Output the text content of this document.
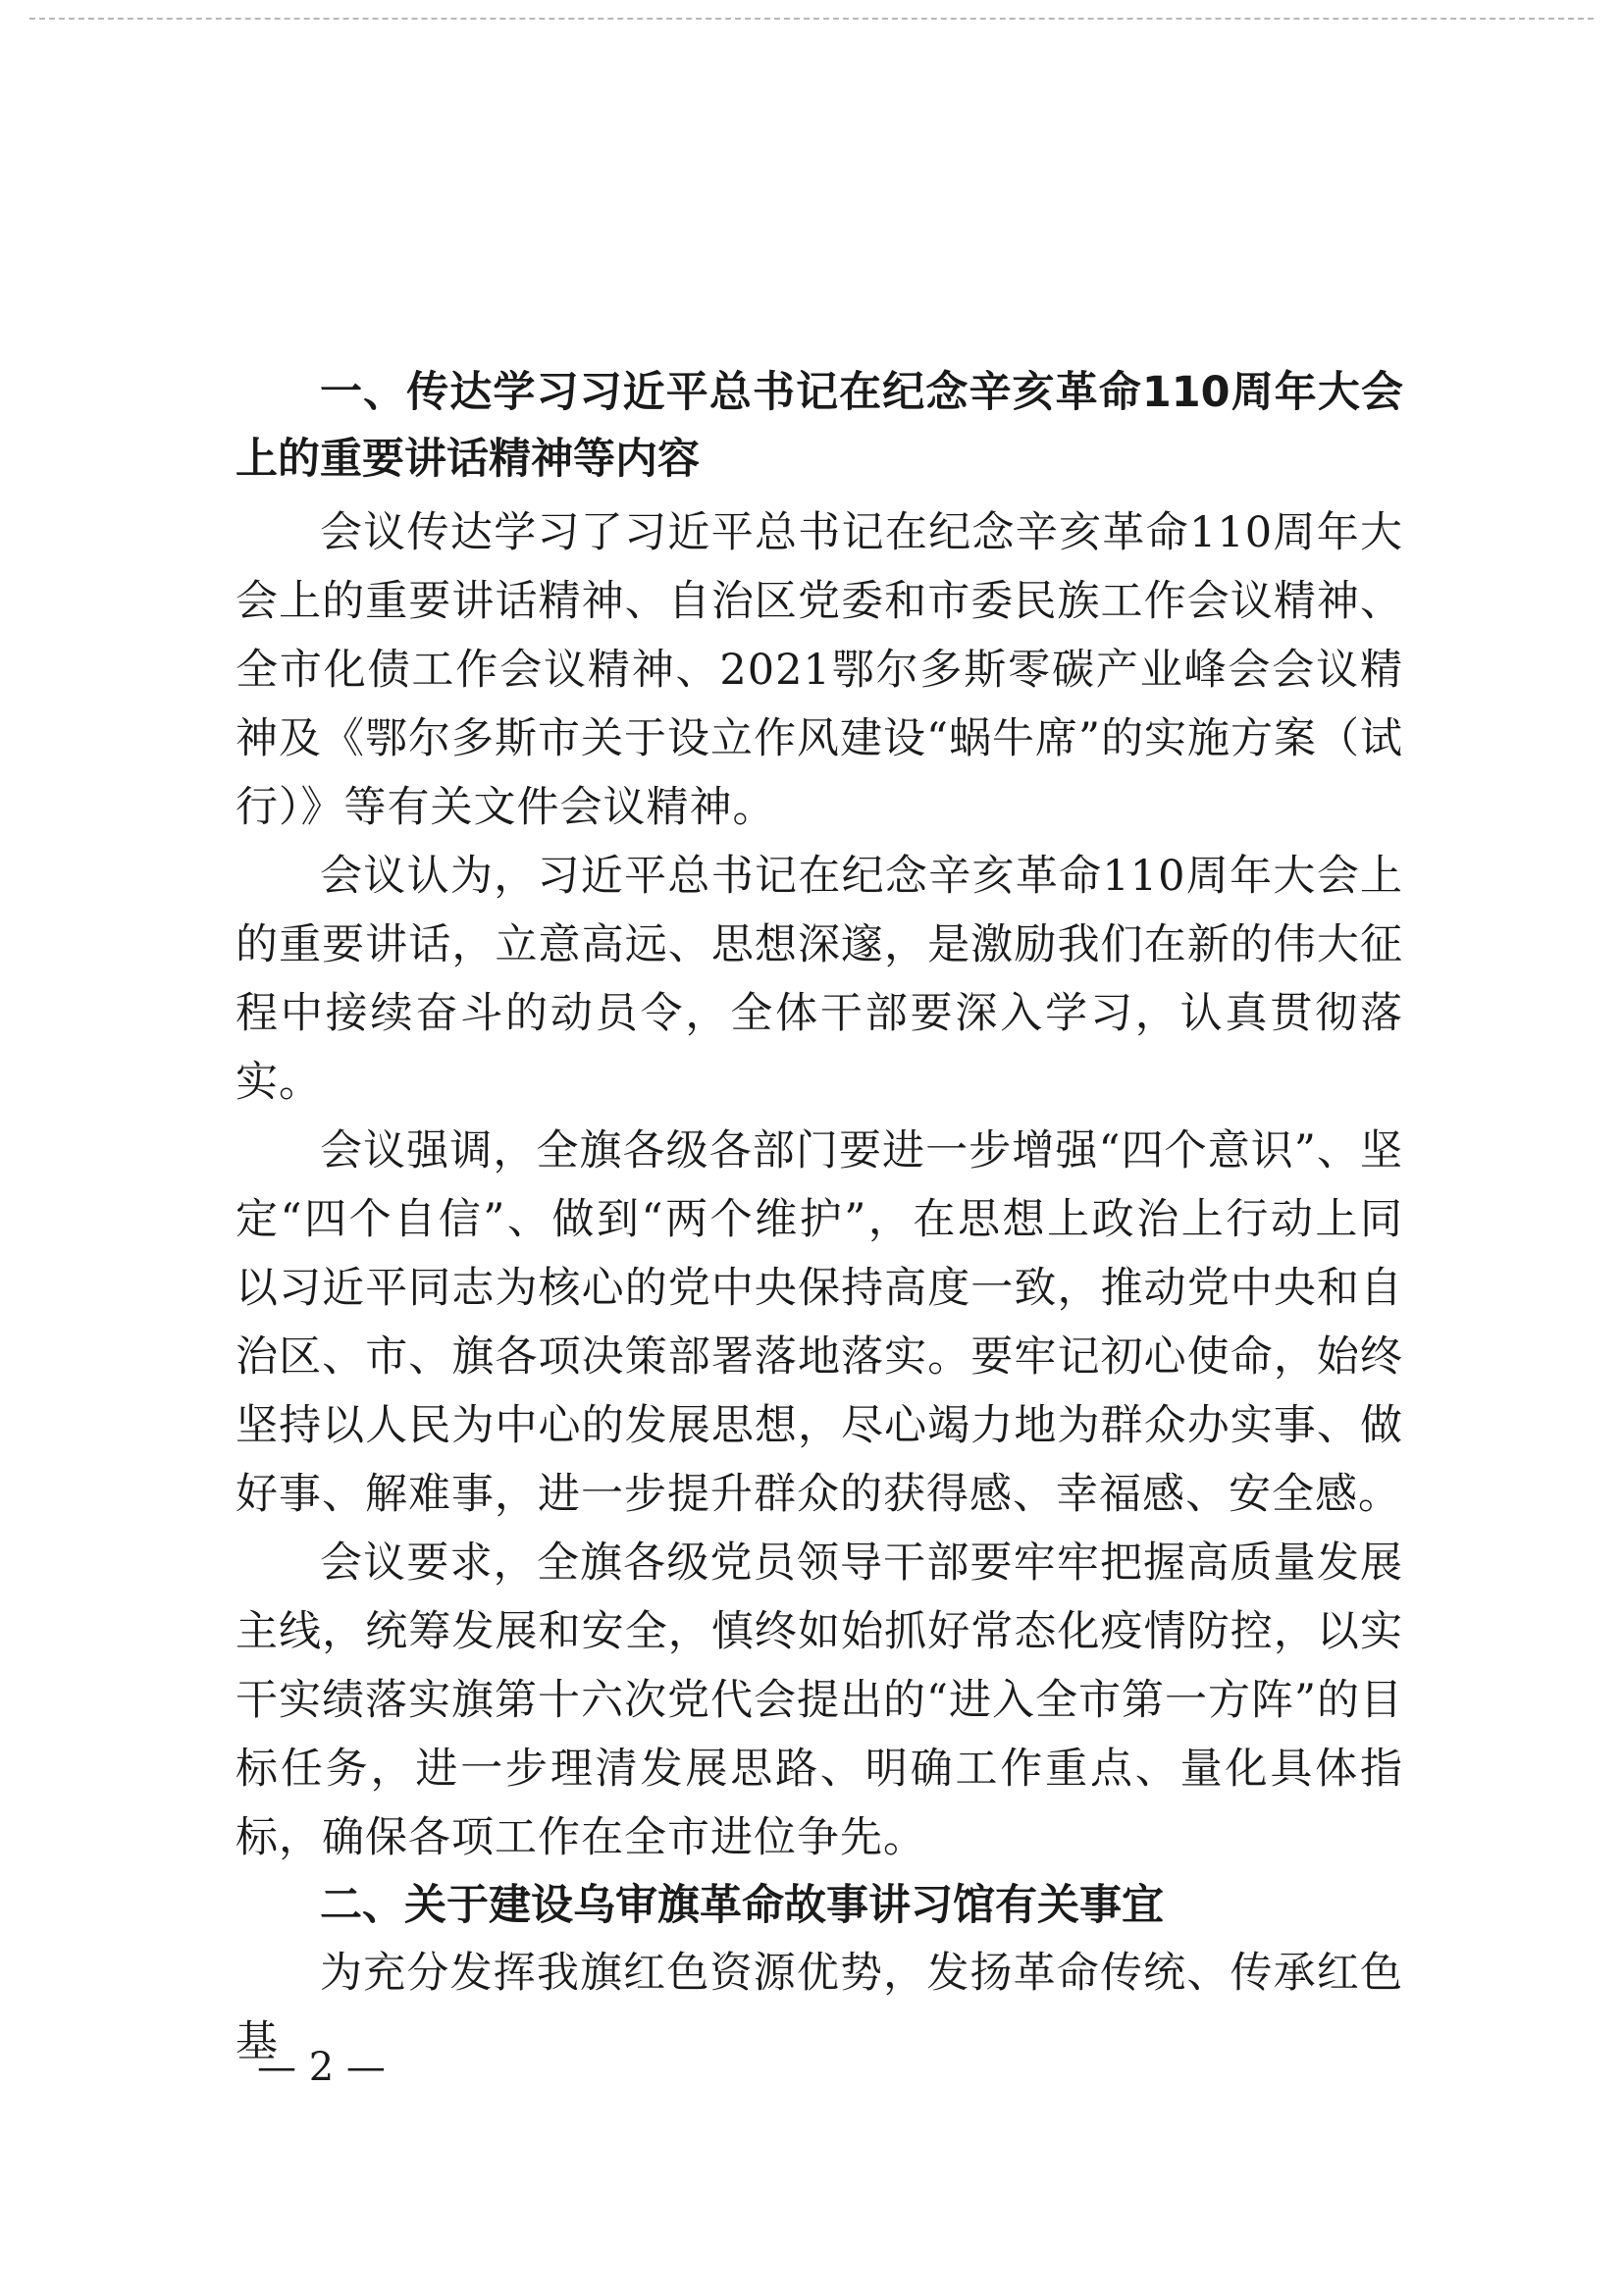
一、传达学习习近平总书记在纪念辛亥革命110周年大会上的重要讲话精神等内容

会议传达学习了习近平总书记在纪念辛亥革命110周年大会上的重要讲话精神、自治区党委和市委民族工作会议精神、全市化债工作会议精神、2021鄂尔多斯零碳产业峰会会议精神及《鄂尔多斯市关于设立作风建设“蜗牛席”的实施方案（试行）》等有关文件会议精神。

会议认为，习近平总书记在纪念辛亥革命110周年大会上的重要讲话，立意高远、思想深邃，是激励我们在新的伟大征程中接续奋斗的动员令，全体干部要深入学习，认真贯彻落实。

会议强调，全旗各级各部门要进一步增强“四个意识”、坚定“四个自信”、做到“两个维护”，在思想上政治上行动上同以习近平同志为核心的党中央保持高度一致，推动党中央和自治区、市、旗各项决策部署落地落实。要牢记初心使命，始终坚持以人民为中心的发展思想，尽心竭力地为群众办实事、做好事、解难事，进一步提升群众的获得感、幸福感、安全感。

会议要求，全旗各级党员领导干部要牢牢把握高质量发展主线，统筹发展和安全，慎终如始抓好常态化疫情防控，以实干实绩落实旗第十六次党代会提出的“进入全市第一方阵”的目标任务，进一步理清发展思路、明确工作重点、量化具体指标，确保各项工作在全市进位争先。

二、关于建设乌审旗革命故事讲习馆有关事宜

为充分发挥我旗红色资源优势，发扬革命传统、传承红色基

— 2 —
